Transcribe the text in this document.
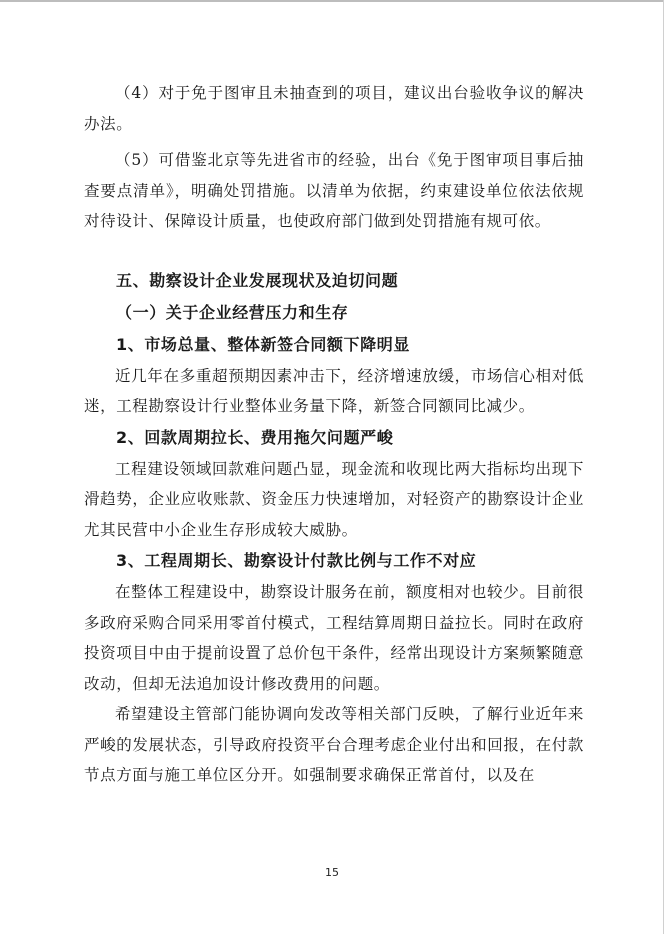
（4）对于免于图审且未抽查到的项目，建议出台验收争议的解决办法。

（5）可借鉴北京等先进省市的经验，出台《免于图审项目事后抽查要点清单》，明确处罚措施。以清单为依据，约束建设单位依法依规对待设计、保障设计质量，也使政府部门做到处罚措施有规可依。

五、勘察设计企业发展现状及迫切问题

（一）关于企业经营压力和生存

1、市场总量、整体新签合同额下降明显

近几年在多重超预期因素冲击下，经济增速放缓，市场信心相对低迷，工程勘察设计行业整体业务量下降，新签合同额同比减少。

2、回款周期拉长、费用拖欠问题严峻

工程建设领域回款难问题凸显，现金流和收现比两大指标均出现下滑趋势，企业应收账款、资金压力快速增加，对轻资产的勘察设计企业尤其民营中小企业生存形成较大威胁。

3、工程周期长、勘察设计付款比例与工作不对应

在整体工程建设中，勘察设计服务在前，额度相对也较少。目前很多政府采购合同采用零首付模式，工程结算周期日益拉长。同时在政府投资项目中由于提前设置了总价包干条件，经常出现设计方案频繁随意改动，但却无法追加设计修改费用的问题。

希望建设主管部门能协调向发改等相关部门反映，了解行业近年来严峻的发展状态，引导政府投资平台合理考虑企业付出和回报，在付款节点方面与施工单位区分开。如强制要求确保正常首付，以及在

15
